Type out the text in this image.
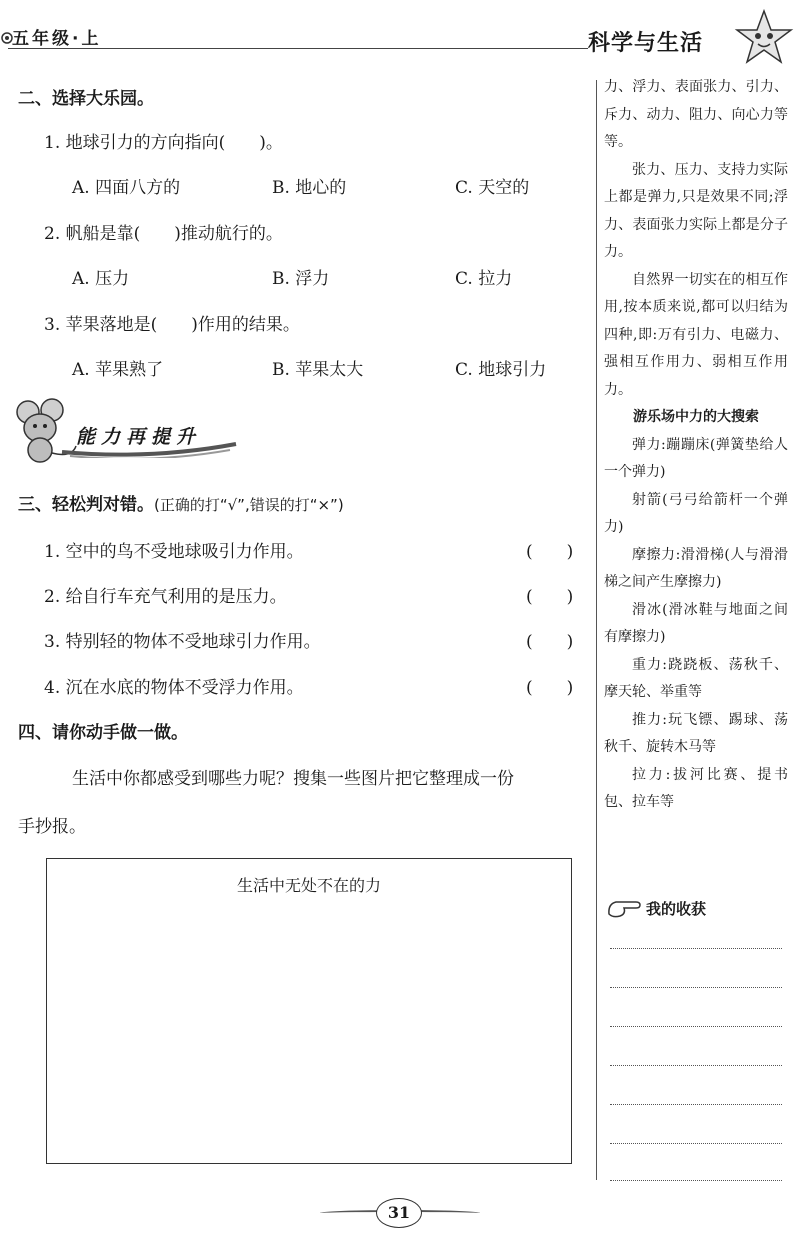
五年级·上	科学与生活
二、选择大乐园。
1. 地球引力的方向指向(　　)。
A. 四面八方的	B. 地心的	C. 天空的
2. 帆船是靠(　　)推动航行的。
A. 压力	B. 浮力	C. 拉力
3. 苹果落地是(　　)作用的结果。
A. 苹果熟了	B. 苹果太大	C. 地球引力
能力再提升
三、轻松判对错。(正确的打“√”,错误的打“×”)
1. 空中的鸟不受地球吸引力作用。	(　　)
2. 给自行车充气利用的是压力。	(　　)
3. 特别轻的物体不受地球引力作用。	(　　)
4. 沉在水底的物体不受浮力作用。	(　　)
四、请你动手做一做。
生活中你都感受到哪些力呢？搜集一些图片把它整理成一份
手抄报。
生活中无处不在的力

力、浮力、表面张力、引力、斥力、动力、阻力、向心力等等。

张力、压力、支持力实际上都是弹力,只是效果不同;浮力、表面张力实际上都是分子力。

自然界一切实在的相互作用,按本质来说,都可以归结为四种,即:万有引力、电磁力、强相互作用力、弱相互作用力。

游乐场中力的大搜索

弹力:蹦蹦床(弹簧垫给人一个弹力)

射箭(弓弓给箭杆一个弹力)

摩擦力:滑滑梯(人与滑滑梯之间产生摩擦力)

滑冰(滑冰鞋与地面之间有摩擦力)

重力:跷跷板、荡秋千、摩天轮、举重等

推力:玩飞镖、踢球、荡秋千、旋转木马等

拉力:拔河比赛、提书包、拉车等

我的收获
31
